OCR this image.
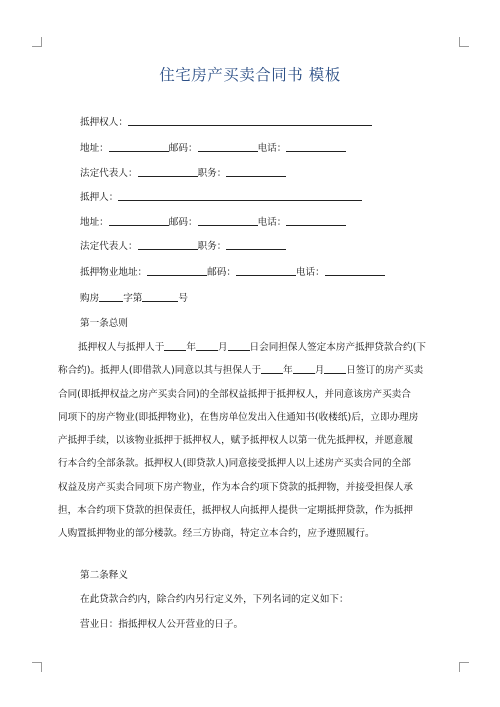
住宅房产买卖合同书 模板
抵押权人：
地址：	邮码：	电话：
法定代表人：	职务：
抵押人：
地址：	邮码：	电话：
法定代表人：	职务：
抵押物业地址：	邮码：	电话：
购房	字第	号
第一条总则
抵押权人与抵押人于 年 月 日会同担保人签定本房产抵押贷款合约(下
称合约)。抵押人(即借款人)同意以其与担保人于 年 月 日签订的房产买卖
合同(即抵押权益之房产买卖合同)的全部权益抵押于抵押权人，并同意该房产买卖合
同项下的房产物业(即抵押物业)，在售房单位发出入住通知书(收楼纸)后，立即办理房
产抵押手续，以该物业抵押于抵押权人，赋予抵押权人以第一优先抵押权，并愿意履
行本合约全部条款。抵押权人(即贷款人)同意接受抵押人以上述房产买卖合同的全部
权益及房产买卖合同项下房产物业，作为本合约项下贷款的抵押物，并接受担保人承
担，本合约项下贷款的担保责任，抵押权人向抵押人提供一定期抵押贷款，作为抵押
人购置抵押物业的部分楼款。经三方协商，特定立本合约，应予遵照履行。
第二条释义
在此贷款合约内，除合约内另行定义外，下列名词的定义如下：
营业日：指抵押权人公开营业的日子。
